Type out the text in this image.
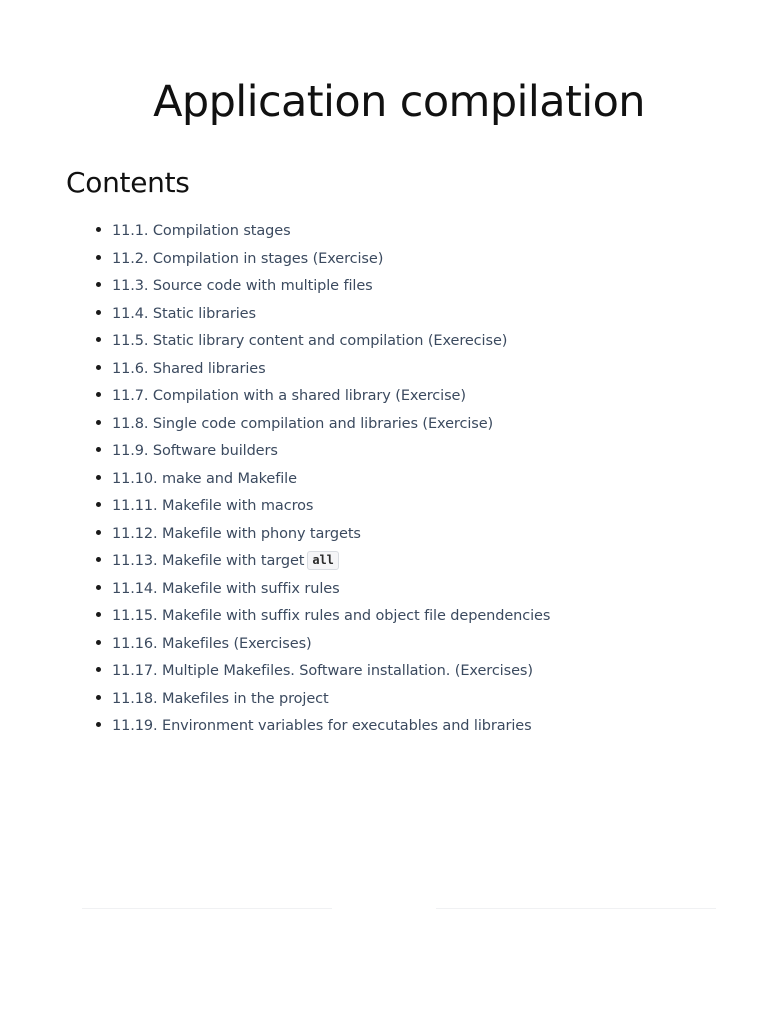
Application compilation
Contents
11.1. Compilation stages
11.2. Compilation in stages (Exercise)
11.3. Source code with multiple files
11.4. Static libraries
11.5. Static library content and compilation (Exerecise)
11.6. Shared libraries
11.7. Compilation with a shared library (Exercise)
11.8. Single code compilation and libraries (Exercise)
11.9. Software builders
11.10. make and Makefile
11.11. Makefile with macros
11.12. Makefile with phony targets
11.13. Makefile with target all
11.14. Makefile with suffix rules
11.15. Makefile with suffix rules and object file dependencies
11.16. Makefiles (Exercises)
11.17. Multiple Makefiles. Software installation. (Exercises)
11.18. Makefiles in the project
11.19. Environment variables for executables and libraries
